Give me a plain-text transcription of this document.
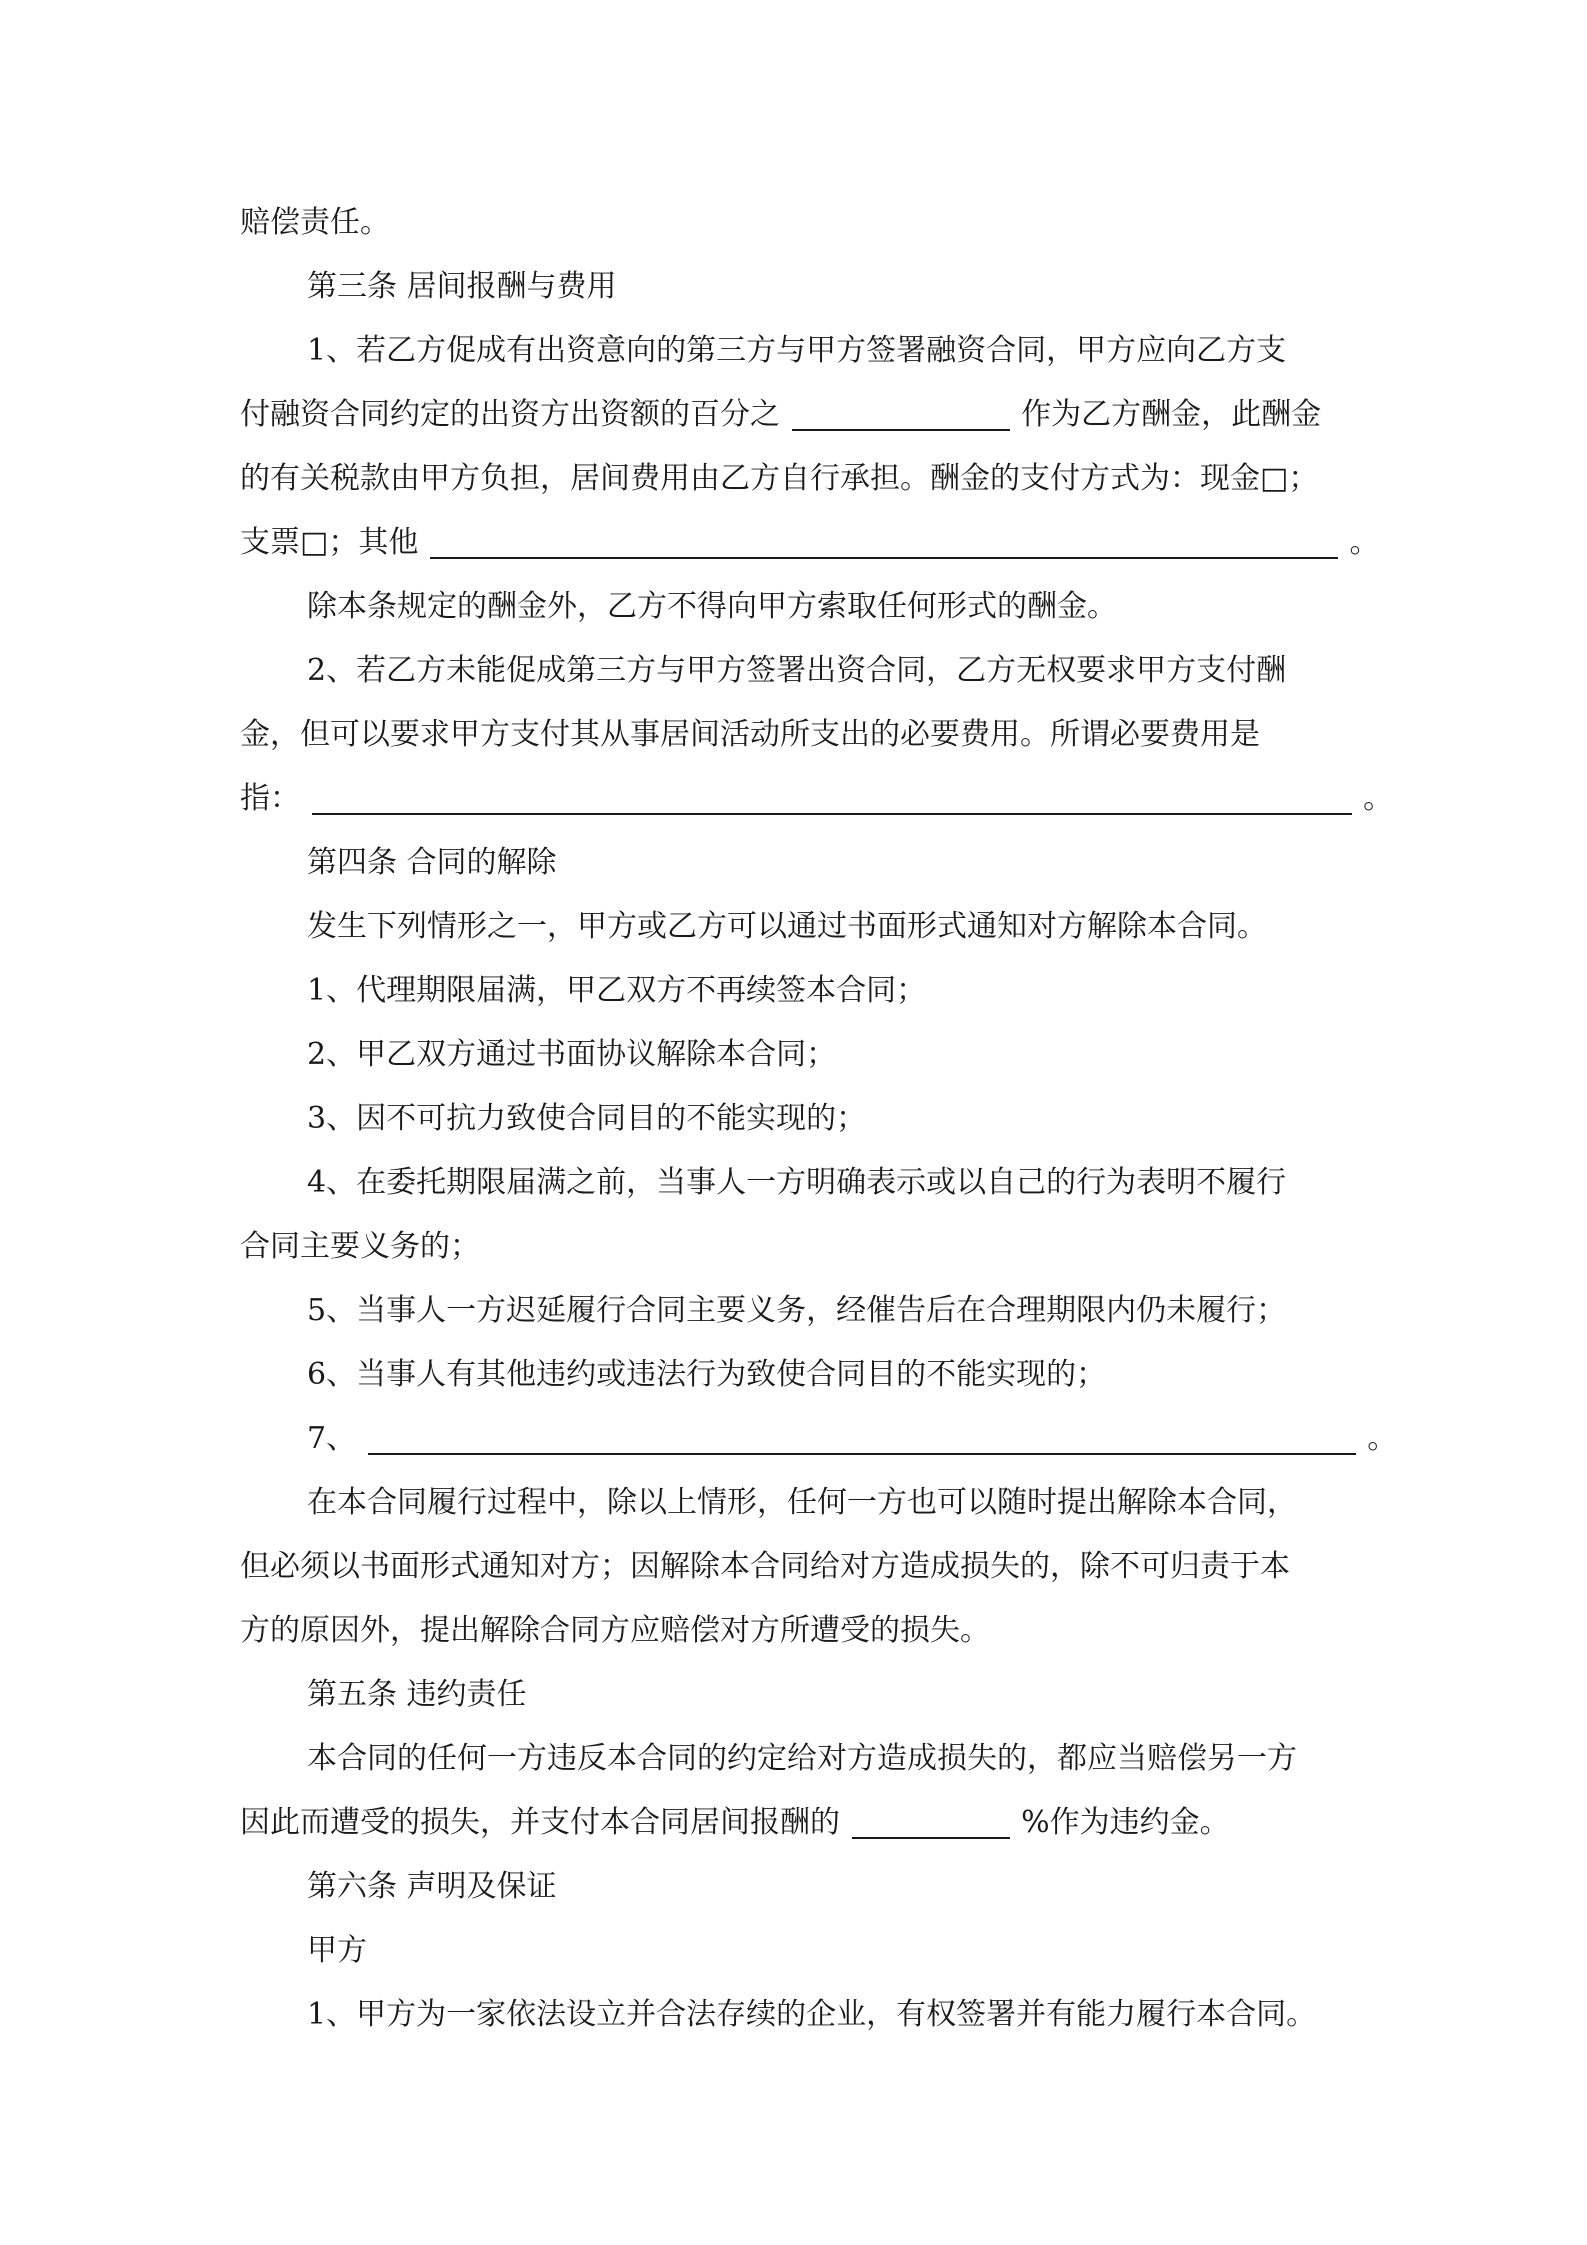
赔偿责任。
第三条 居间报酬与费用
1、若乙方促成有出资意向的第三方与甲方签署融资合同，甲方应向乙方支
付融资合同约定的出资方出资额的百分之	作为乙方酬金，此酬金
的有关税款由甲方负担，居间费用由乙方自行承担。酬金的支付方式为：现金□；
支票□；其他	。
除本条规定的酬金外，乙方不得向甲方索取任何形式的酬金。
2、若乙方未能促成第三方与甲方签署出资合同，乙方无权要求甲方支付酬
金，但可以要求甲方支付其从事居间活动所支出的必要费用。所谓必要费用是
指：	。
第四条 合同的解除
发生下列情形之一，甲方或乙方可以通过书面形式通知对方解除本合同。
1、代理期限届满，甲乙双方不再续签本合同；
2、甲乙双方通过书面协议解除本合同；
3、因不可抗力致使合同目的不能实现的；
4、在委托期限届满之前，当事人一方明确表示或以自己的行为表明不履行
合同主要义务的；
5、当事人一方迟延履行合同主要义务，经催告后在合理期限内仍未履行；
6、当事人有其他违约或违法行为致使合同目的不能实现的；
7、	。
在本合同履行过程中，除以上情形，任何一方也可以随时提出解除本合同，
但必须以书面形式通知对方；因解除本合同给对方造成损失的，除不可归责于本
方的原因外，提出解除合同方应赔偿对方所遭受的损失。
第五条 违约责任
本合同的任何一方违反本合同的约定给对方造成损失的，都应当赔偿另一方
因此而遭受的损失，并支付本合同居间报酬的	%作为违约金。
第六条 声明及保证
甲方
1、甲方为一家依法设立并合法存续的企业，有权签署并有能力履行本合同。
